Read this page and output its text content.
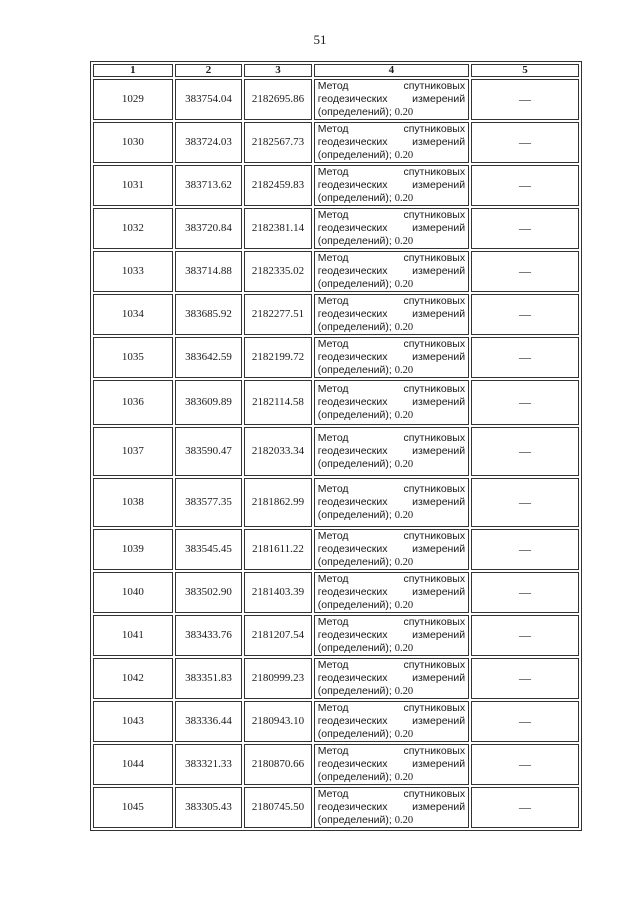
51
1	2	3	4	5
1029	383754.04	2182695.86	Метод спутниковых
геодезических измерений
(определений); 0.20	—
1030	383724.03	2182567.73	Метод спутниковых
геодезических измерений
(определений); 0.20	—
1031	383713.62	2182459.83	Метод спутниковых
геодезических измерений
(определений); 0.20	—
1032	383720.84	2182381.14	Метод спутниковых
геодезических измерений
(определений); 0.20	—
1033	383714.88	2182335.02	Метод спутниковых
геодезических измерений
(определений); 0.20	—
1034	383685.92	2182277.51	Метод спутниковых
геодезических измерений
(определений); 0.20	—
1035	383642.59	2182199.72	Метод спутниковых
геодезических измерений
(определений); 0.20	—
1036	383609.89	2182114.58	Метод спутниковых
геодезических измерений
(определений); 0.20	—
1037	383590.47	2182033.34	Метод спутниковых
геодезических измерений
(определений); 0.20	—
1038	383577.35	2181862.99	Метод спутниковых
геодезических измерений
(определений); 0.20	—
1039	383545.45	2181611.22	Метод спутниковых
геодезических измерений
(определений); 0.20	—
1040	383502.90	2181403.39	Метод спутниковых
геодезических измерений
(определений); 0.20	—
1041	383433.76	2181207.54	Метод спутниковых
геодезических измерений
(определений); 0.20	—
1042	383351.83	2180999.23	Метод спутниковых
геодезических измерений
(определений); 0.20	—
1043	383336.44	2180943.10	Метод спутниковых
геодезических измерений
(определений); 0.20	—
1044	383321.33	2180870.66	Метод спутниковых
геодезических измерений
(определений); 0.20	—
1045	383305.43	2180745.50	Метод спутниковых
геодезических измерений
(определений); 0.20	—
